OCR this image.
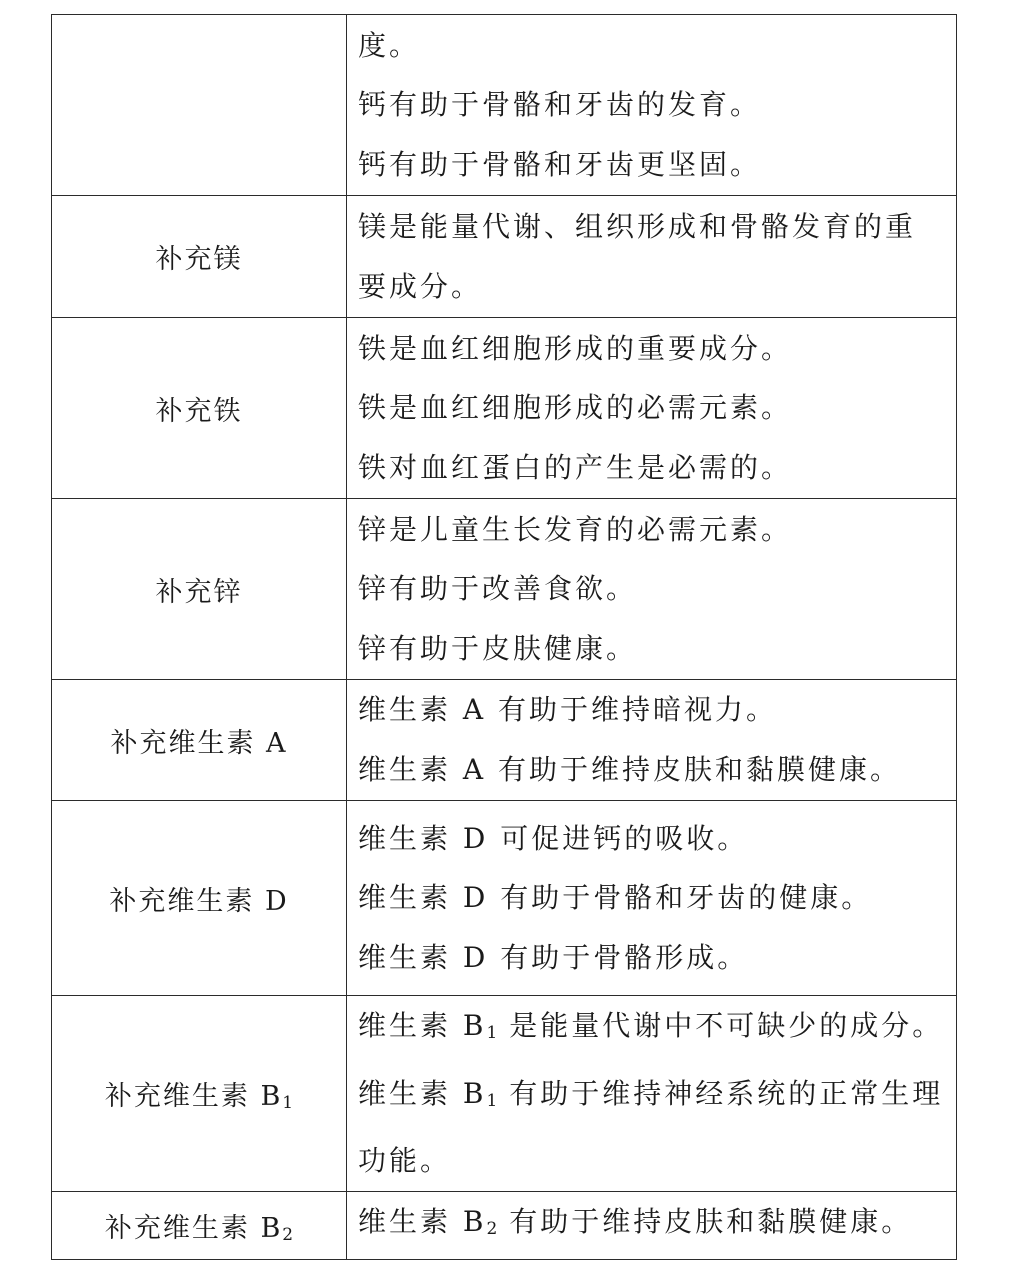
	度。
钙有助于骨骼和牙齿的发育。
钙有助于骨骼和牙齿更坚固。

补充镁	镁是能量代谢、组织形成和骨骼发育的重
要成分。

补充铁	铁是血红细胞形成的重要成分。
铁是血红细胞形成的必需元素。
铁对血红蛋白的产生是必需的。

补充锌	锌是儿童生长发育的必需元素。
锌有助于改善食欲。
锌有助于皮肤健康。

补充维生素 A	维生素 A 有助于维持暗视力。
维生素 A 有助于维持皮肤和黏膜健康。

补充维生素 D	维生素 D 可促进钙的吸收。
维生素 D 有助于骨骼和牙齿的健康。
维生素 D 有助于骨骼形成。

补充维生素 $B_1$	维生素 $B_1$ 是能量代谢中不可缺少的成分。
维生素 $B_1$ 有助于维持神经系统的正常生理
功能。

补充维生素 $B_2$	维生素 $B_2$ 有助于维持皮肤和黏膜健康。
